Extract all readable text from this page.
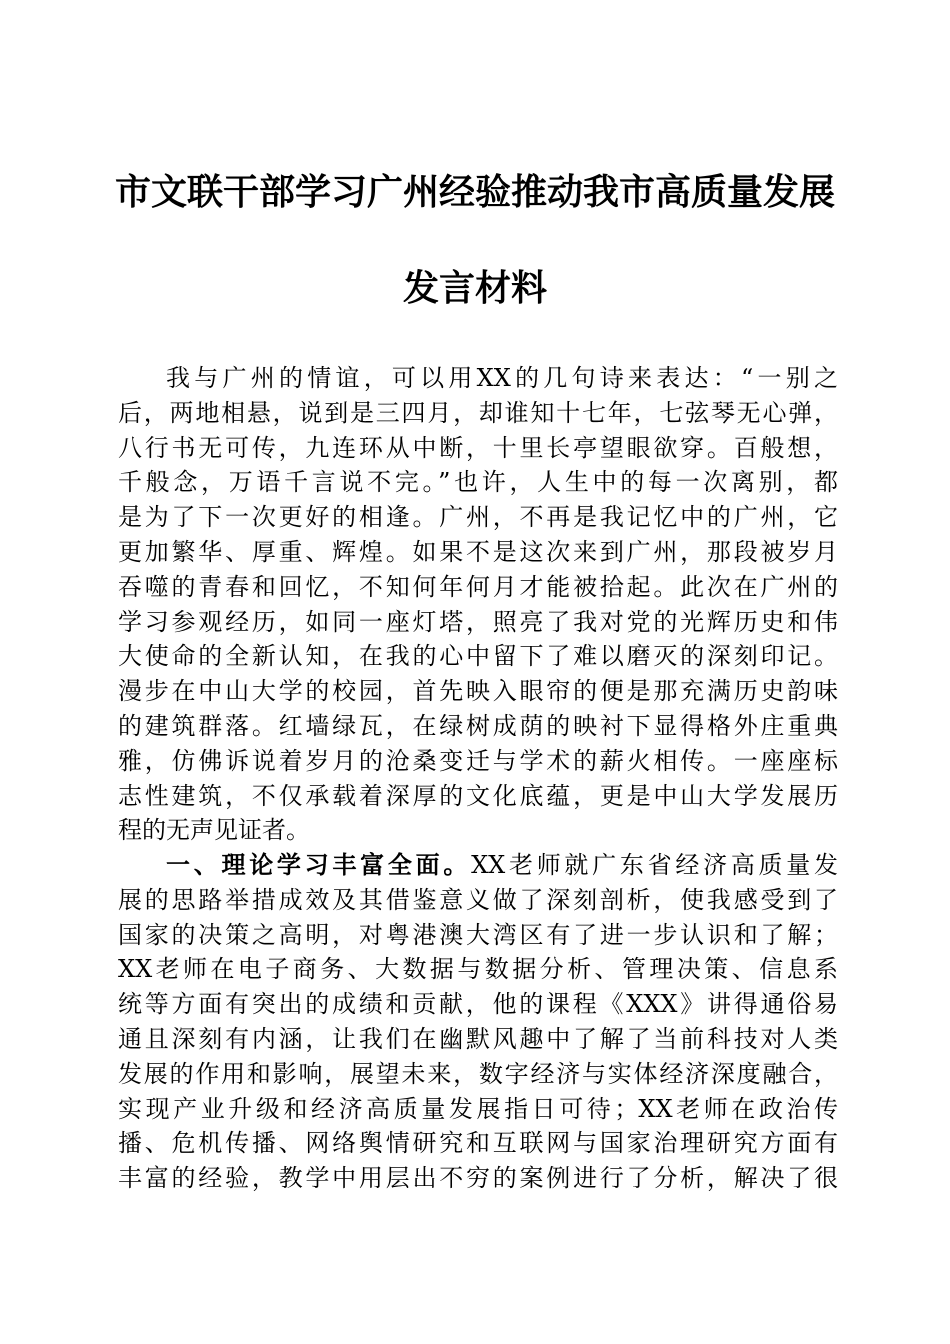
市文联干部学习广州经验推动我市高质量发展
发言材料
我与广州的情谊，可以用XX的几句诗来表达：“一别之
后，两地相悬，说到是三四月，却谁知十七年，七弦琴无心弹，
八行书无可传，九连环从中断，十里长亭望眼欲穿。百般想，
千般念，万语千言说不完。”也许，人生中的每一次离别，都
是为了下一次更好的相逢。广州，不再是我记忆中的广州，它
更加繁华、厚重、辉煌。如果不是这次来到广州，那段被岁月
吞噬的青春和回忆，不知何年何月才能被拾起。此次在广州的
学习参观经历，如同一座灯塔，照亮了我对党的光辉历史和伟
大使命的全新认知，在我的心中留下了难以磨灭的深刻印记。
漫步在中山大学的校园，首先映入眼帘的便是那充满历史韵味
的建筑群落。红墙绿瓦，在绿树成荫的映衬下显得格外庄重典
雅，仿佛诉说着岁月的沧桑变迁与学术的薪火相传。一座座标
志性建筑，不仅承载着深厚的文化底蕴，更是中山大学发展历
程的无声见证者。
一、理论学习丰富全面。XX老师就广东省经济高质量发
展的思路举措成效及其借鉴意义做了深刻剖析，使我感受到了
国家的决策之高明，对粤港澳大湾区有了进一步认识和了解；
XX老师在电子商务、大数据与数据分析、管理决策、信息系
统等方面有突出的成绩和贡献，他的课程《XXX》讲得通俗易
通且深刻有内涵，让我们在幽默风趣中了解了当前科技对人类
发展的作用和影响，展望未来，数字经济与实体经济深度融合，
实现产业升级和经济高质量发展指日可待；XX老师在政治传
播、危机传播、网络舆情研究和互联网与国家治理研究方面有
丰富的经验，教学中用层出不穷的案例进行了分析，解决了很
